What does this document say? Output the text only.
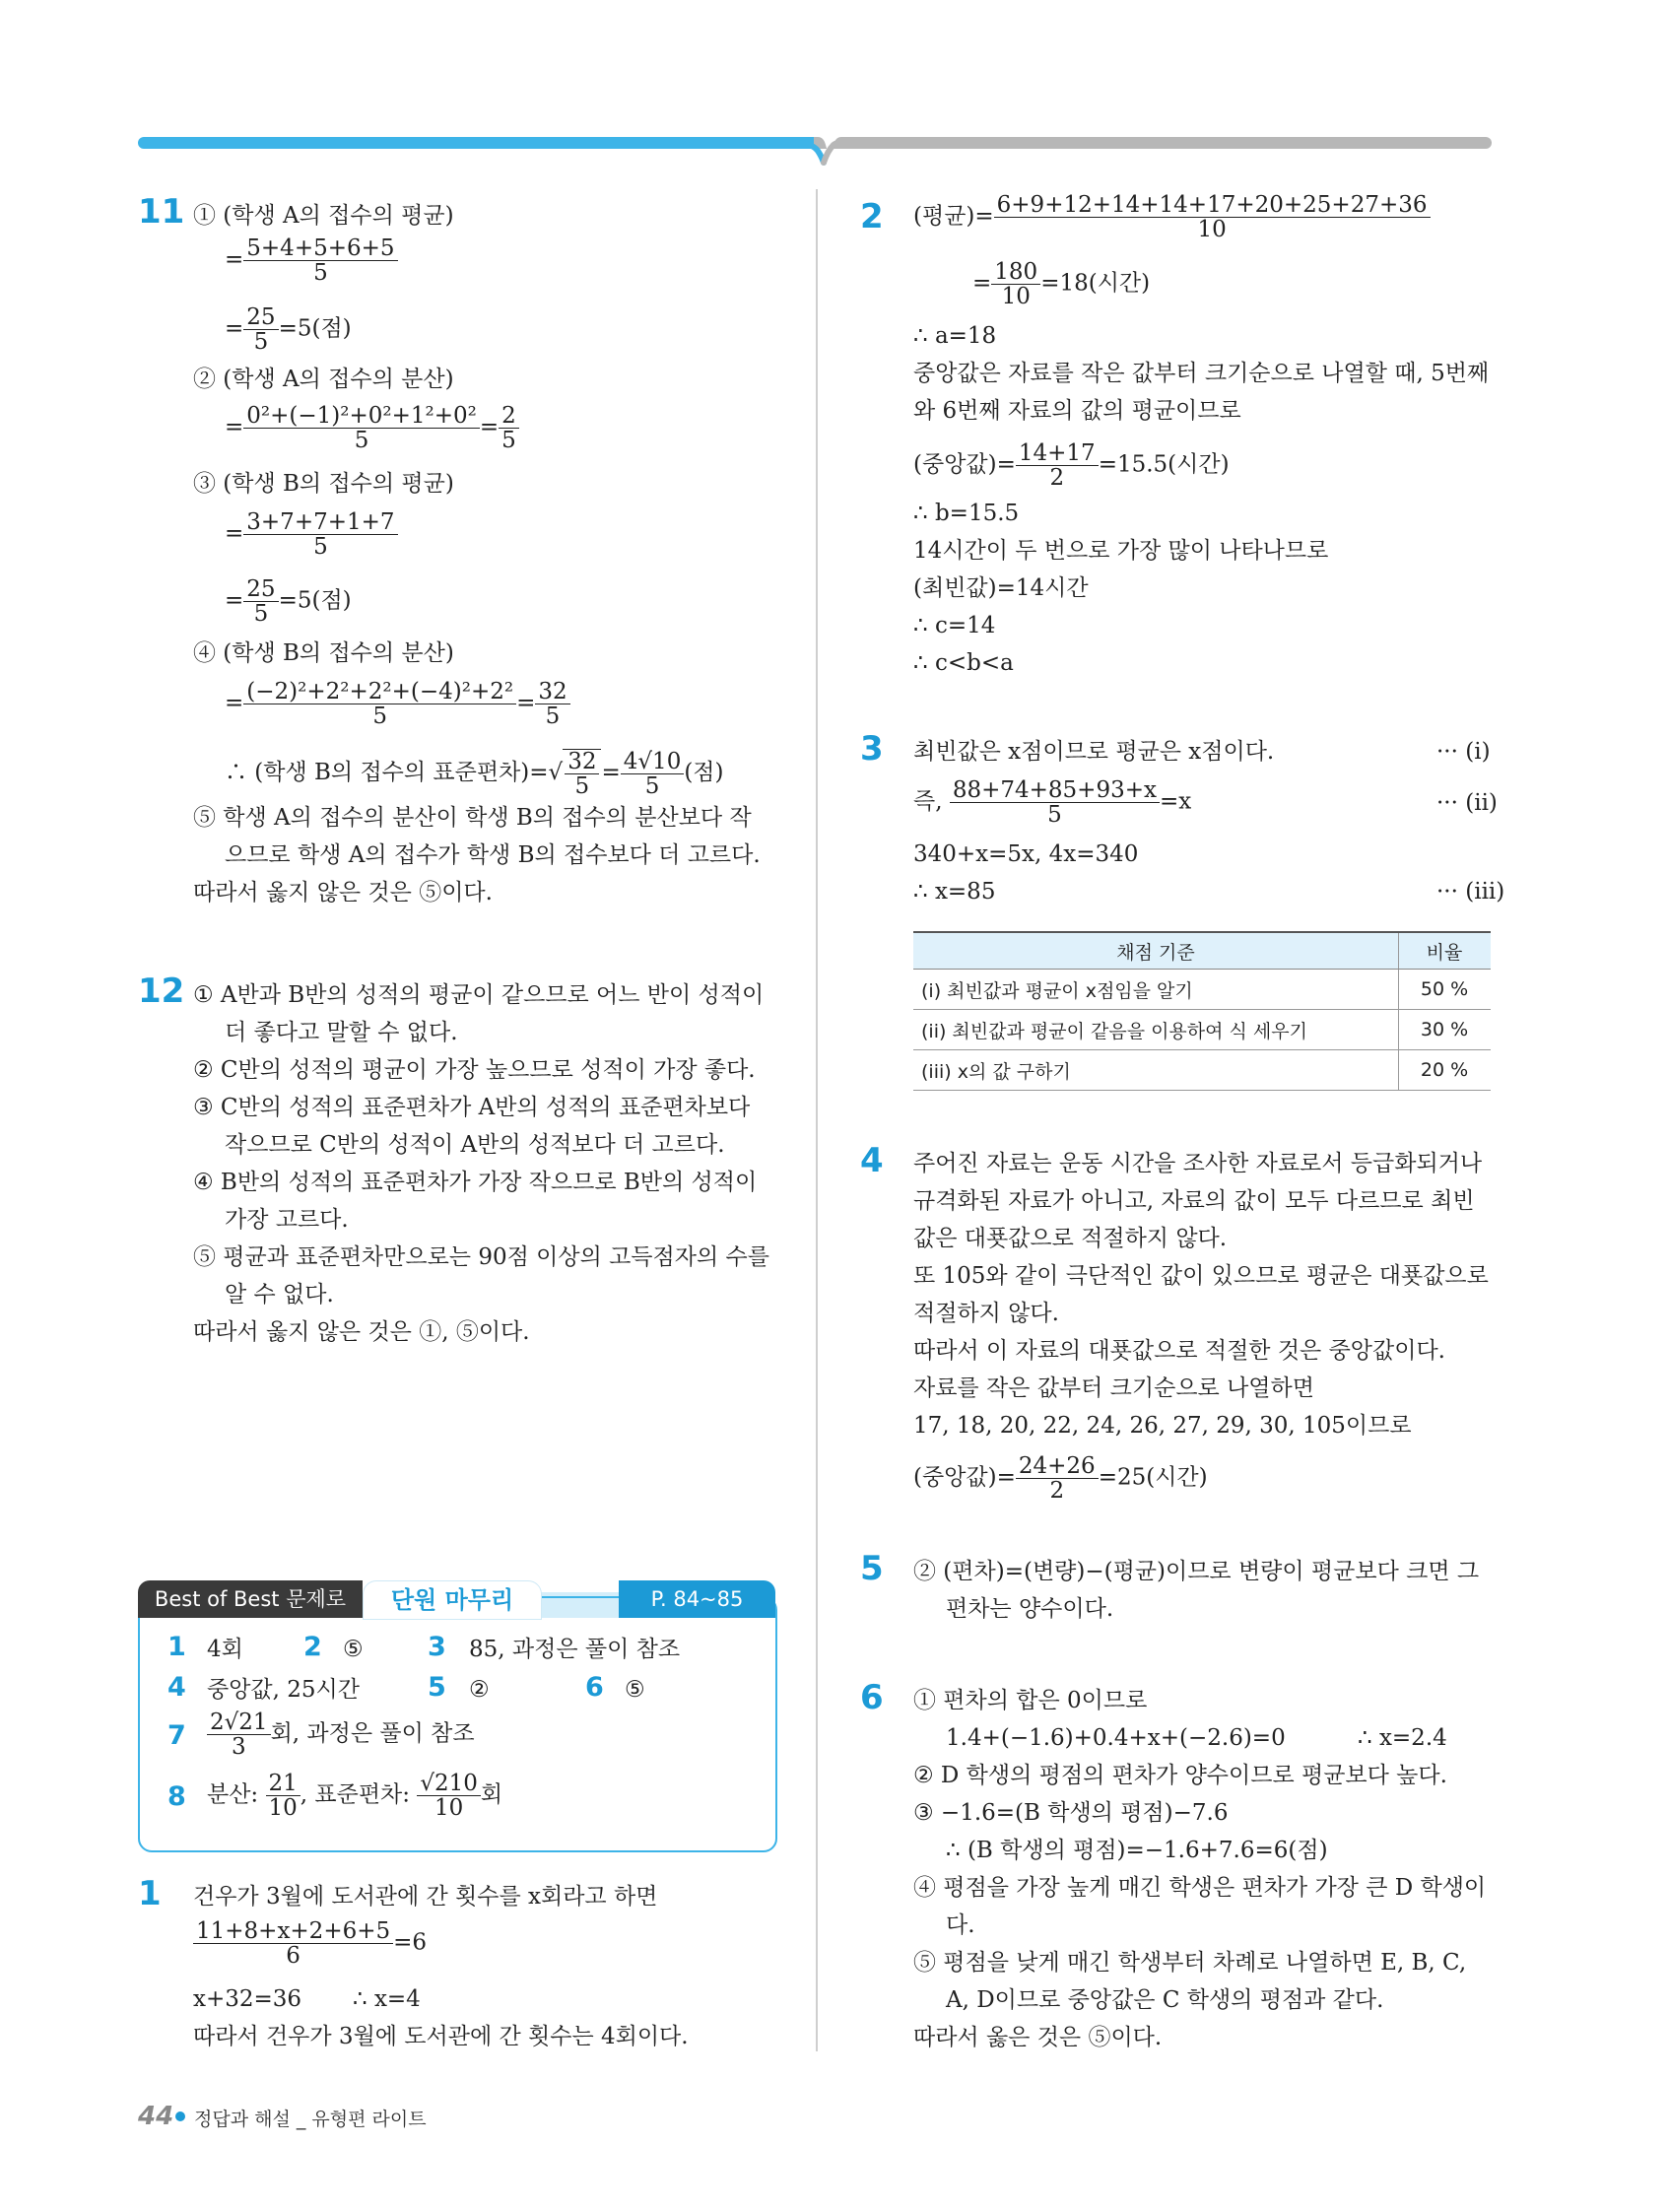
11 ① (학생 A의 접수의 평균)
= $\frac{5+4+5+6+5}{5}$
= $\frac{25}{5} =5$(점)
② (학생 A의 접수의 분산)
= $\frac{\text{0²+(−1)²+0²+1²+0²}}{5} = \frac{2}{5}$
③ (학생 B의 접수의 평균)
= $\frac{3+7+7+1+7}{5}$
= $\frac{25}{5} =5$(점)
④ (학생 B의 접수의 분산)
= $\frac{\text{(−2)²+2²+2²+(−4)²+2²}}{5} = \frac{32}{5}$
∴ (학생 B의 접수의 표준편차)=√ $\frac{32}{5} = \frac{4√10}{5}$ (점)
⑤ 학생 A의 접수의 분산이 학생 B의 접수의 분산보다 작
으므로 학생 A의 접수가 학생 B의 접수보다 더 고르다.
따라서 옳지 않은 것은 ⑤이다.
12 ① A반과 B반의 성적의 평균이 같으므로 어느 반이 성적이
더 좋다고 말할 수 없다.
② C반의 성적의 평균이 가장 높으므로 성적이 가장 좋다.
③ C반의 성적의 표준편차가 A반의 성적의 표준편차보다
작으므로 C반의 성적이 A반의 성적보다 더 고르다.
④ B반의 성적의 표준편차가 가장 작으므로 B반의 성적이
가장 고르다.
⑤ 평균과 표준편차만으로는 90점 이상의 고득점자의 수를
알 수 없다.
따라서 옳지 않은 것은 ①, ⑤이다.
Best of Best 문제로	단원 마무리	P. 84~85
1 4회 2 ⑤ 3 85, 과정은 풀이 참조
4 중앙값, 25시간	5 ②	6 ⑤
$7 \frac{2√21}{3}$ 회, 과정은 풀이 참조
8 분산: $\frac{21}{10}$ , 표준편차: $\frac{√210}{10}$ 회
1 건우가 3월에 도서관에 간 횟수를 x회라고 하면
$\frac{11+8+x+2+6+5}{6} =6$
x+32=36 ∴ x=4
따라서 건우가 3월에 도서관에 간 횟수는 4회이다.
2 (평균)= $\frac{6+9+12+14+14+17+20+25+27+36}{10}$
= $\frac{180}{10} =18$(시간)
∴ a=18
중앙값은 자료를 작은 값부터 크기순으로 나열할 때, 5번째
와 6번째 자료의 값의 평균이므로
(중앙값)= $\frac{14+17}{2} =15.5$(시간)
∴ b=15.5
14시간이 두 번으로 가장 많이 나타나므로
(최빈값)=14시간
∴ c=14
∴ c<b<a
3 최빈값은 x점이므로 평균은 x점이다.	··· (i)
즉, $\frac{88+74+85+93+x}{5} =x$	··· (ii)
340+x=5x, 4x=340
∴ x=85	··· (iii)
채점 기준	비율
(i) 최빈값과 평균이 x점임을 알기	50 %
(ii) 최빈값과 평균이 같음을 이용하여 식 세우기	30 %
(iii) x의 값 구하기	20 %
4 주어진 자료는 운동 시간을 조사한 자료로서 등급화되거나
규격화된 자료가 아니고, 자료의 값이 모두 다르므로 최빈
값은 대푯값으로 적절하지 않다.
또 105와 같이 극단적인 값이 있으므로 평균은 대푯값으로
적절하지 않다.
따라서 이 자료의 대푯값으로 적절한 것은 중앙값이다.
자료를 작은 값부터 크기순으로 나열하면
17, 18, 20, 22, 24, 26, 27, 29, 30, 105이므로
(중앙값)= $\frac{24+26}{2} =25$(시간)
5 ② (편차)=(변량)−(평균)이므로 변량이 평균보다 크면 그
편차는 양수이다.
6 ① 편차의 합은 0이므로
1.4+(−1.6)+0.4+x+(−2.6)=0	∴ x=2.4
② D 학생의 평점의 편차가 양수이므로 평균보다 높다.
③ −1.6=(B 학생의 평점)−7.6
∴ (B 학생의 평점)=−1.6+7.6=6(점)
④ 평점을 가장 높게 매긴 학생은 편차가 가장 큰 D 학생이
다.
⑤ 평점을 낮게 매긴 학생부터 차례로 나열하면 E, B, C,
A, D이므로 중앙값은 C 학생의 평점과 같다.
따라서 옳은 것은 ⑤이다.
44 정답과 해설 _ 유형편 라이트
